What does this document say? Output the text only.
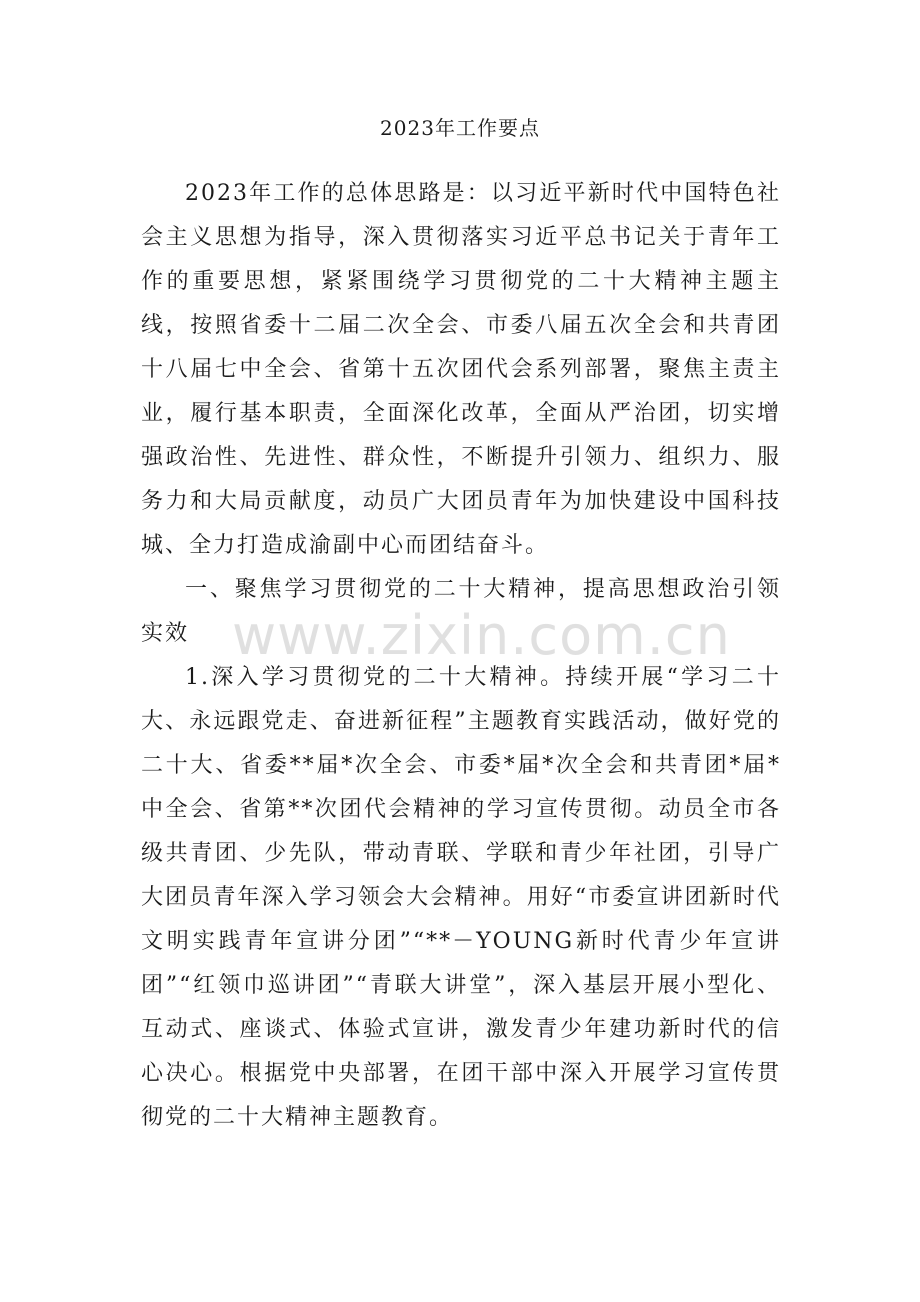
2023年工作要点

2023年工作的总体思路是：以习近平新时代中国特色社会主义思想为指导，深入贯彻落实习近平总书记关于青年工作的重要思想，紧紧围绕学习贯彻党的二十大精神主题主线，按照省委十二届二次全会、市委八届五次全会和共青团十八届七中全会、省第十五次团代会系列部署，聚焦主责主业，履行基本职责，全面深化改革，全面从严治团，切实增强政治性、先进性、群众性，不断提升引领力、组织力、服务力和大局贡献度，动员广大团员青年为加快建设中国科技城、全力打造成渝副中心而团结奋斗。

一、聚焦学习贯彻党的二十大精神，提高思想政治引领实效

1.深入学习贯彻党的二十大精神。持续开展“学习二十大、永远跟党走、奋进新征程”主题教育实践活动，做好党的二十大、省委**届*次全会、市委*届*次全会和共青团*届*中全会、省第**次团代会精神的学习宣传贯彻。动员全市各级共青团、少先队，带动青联、学联和青少年社团，引导广大团员青年深入学习领会大会精神。用好“市委宣讲团新时代文明实践青年宣讲分团”“**－YOUNG新时代青少年宣讲团”“红领巾巡讲团”“青联大讲堂”，深入基层开展小型化、互动式、座谈式、体验式宣讲，激发青少年建功新时代的信心决心。根据党中央部署，在团干部中深入开展学习宣传贯彻党的二十大精神主题教育。

www.zixin.com.cn
